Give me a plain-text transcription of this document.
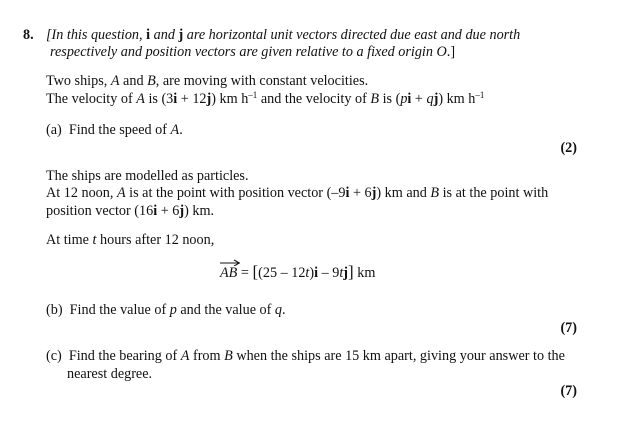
8. [In this question, i and j are horizontal unit vectors directed due east and due north
respectively and position vectors are given relative to a fixed origin O.]
Two ships, A and B, are moving with constant velocities.
The velocity of A is (3i + 12j) km $h^{-1}$ and the velocity of B is (pi + qj) km $h^{-1}$
(a) Find the speed of A.
(2)
The ships are modelled as particles.
At 12 noon, A is at the point with position vector (–9i + 6j) km and B is at the point with
position vector (16i + 6j) km.
At time t hours after 12 noon,
AB = [(25 – 12t)i – 9tj] km
(b) Find the value of p and the value of q.
(7)
(c) Find the bearing of A from B when the ships are 15 km apart, giving your answer to the
nearest degree.
(7)
